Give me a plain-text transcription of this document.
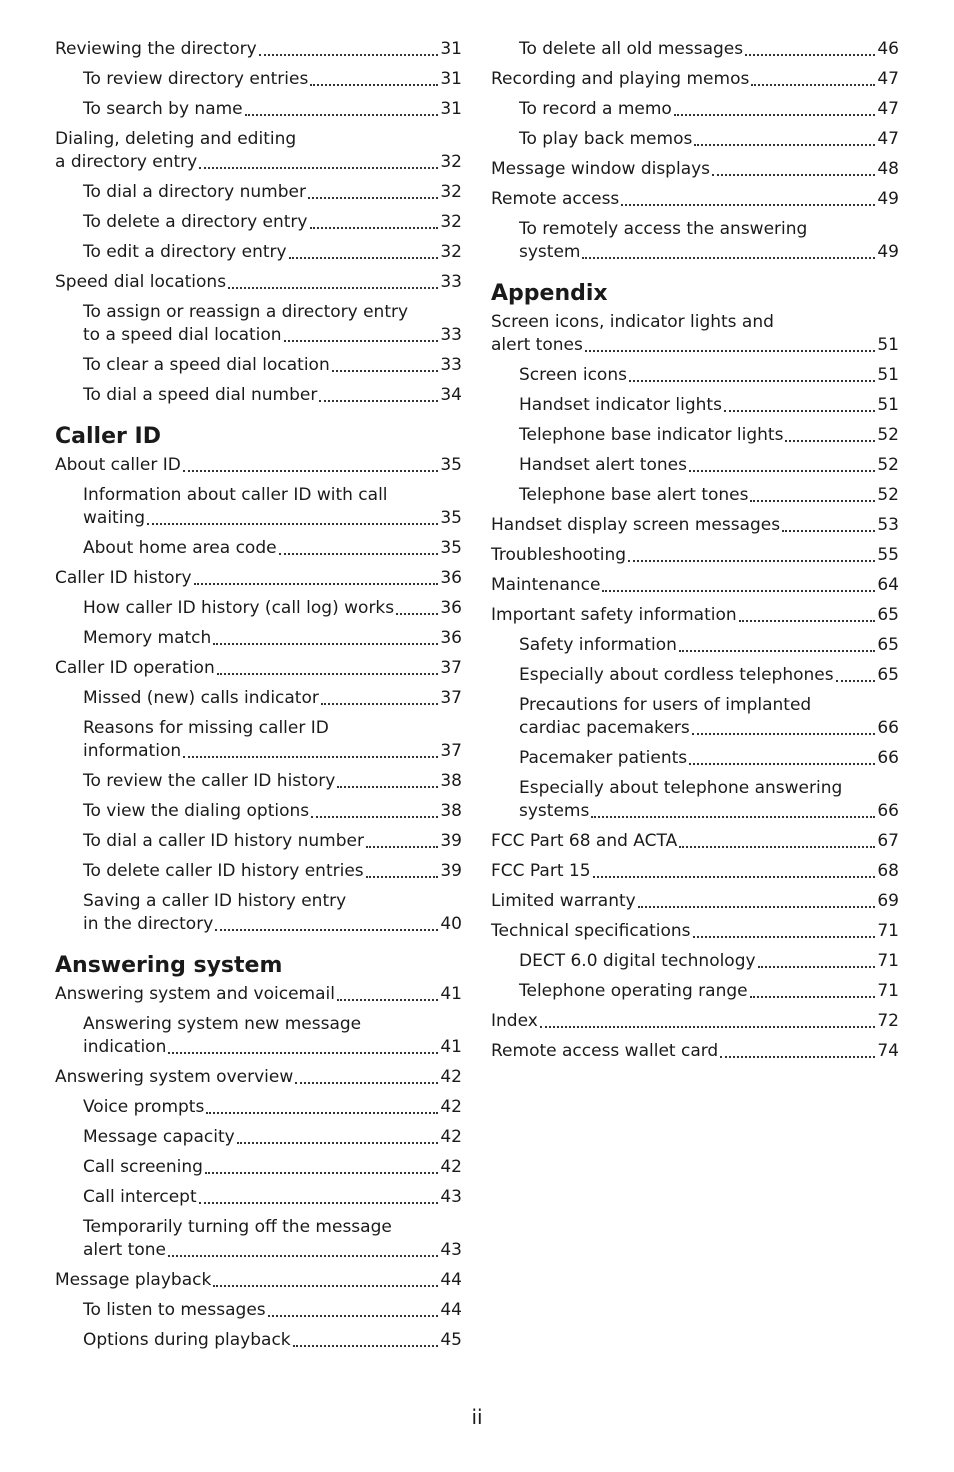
Reviewing the directory	31
To review directory entries	31
To search by name	31
Dialing, deleting and editing
a directory entry	32
To dial a directory number	32
To delete a directory entry	32
To edit a directory entry	32
Speed dial locations	33
To assign or reassign a directory entry
to a speed dial location	33
To clear a speed dial location	33
To dial a speed dial number	34
Caller ID
About caller ID	35
Information about caller ID with call
waiting	35
About home area code	35
Caller ID history	36
How caller ID history (call log) works	36
Memory match	36
Caller ID operation	37
Missed (new) calls indicator	37
Reasons for missing caller ID
information	37
To review the caller ID history	38
To view the dialing options	38
To dial a caller ID history number	39
To delete caller ID history entries	39
Saving a caller ID history entry
in the directory	40
Answering system
Answering system and voicemail	41
Answering system new message
indication	41
Answering system overview	42
Voice prompts	42
Message capacity	42
Call screening	42
Call intercept	43
Temporarily turning off the message
alert tone	43
Message playback	44
To listen to messages	44
Options during playback	45
To delete all old messages	46
Recording and playing memos	47
To record a memo	47
To play back memos	47
Message window displays	48
Remote access	49
To remotely access the answering
system	49
Appendix
Screen icons, indicator lights and
alert tones	51
Screen icons	51
Handset indicator lights	51
Telephone base indicator lights	52
Handset alert tones	52
Telephone base alert tones	52
Handset display screen messages	53
Troubleshooting	55
Maintenance	64
Important safety information	65
Safety information	65
Especially about cordless telephones	65
Precautions for users of implanted
cardiac pacemakers	66
Pacemaker patients	66
Especially about telephone answering
systems	66
FCC Part 68 and ACTA	67
FCC Part 15	68
Limited warranty	69
Technical specifications	71
DECT 6.0 digital technology	71
Telephone operating range	71
Index	72
Remote access wallet card	74
ii
